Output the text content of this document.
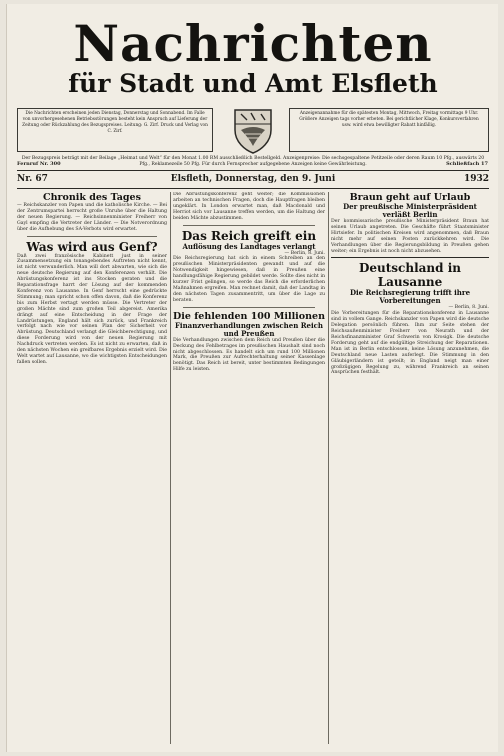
Nachrichten
für Stadt und Amt Elsfleth
Die Nachrichten erscheinen jeden Dienstag, Donnerstag und Sonnabend. Im Falle von unvorhergesehenen Betriebsstörungen besteht kein Anspruch auf Lieferung der Zeitung oder Rückzahlung des Bezugspreises. Leitung: G. Zirf. Druck und Verlag von C. Zirf.
Anzeigenannahme für die spätesten Montag, Mittwoch, Freitag vormittags 9 Uhr. Größere Anzeigen tags vorher erbeten. Bei gerichtlicher Klage, Konkursverfahren usw. wird etwa bewilligter Rabatt hinfällig.
Der Bezugspreis beträgt mit der Beilage „Heimat und Welt“ für den Monat 1.00 RM ausschließlich Bestellgeld. Anzeigenpreise: Die sechsgespaltene Petitzeile oder deren Raum 10 Pfg., auswärts 20 Pfg., Reklamezeile 50 Pfg. Für durch Fernsprecher aufgegebene Anzeigen keine Gewährleistung.
Fernruf Nr. 300	Schließfach 17
Nr. 67	Elsfleth, Donnerstag, den 9. Juni	1932
Chronik des Tages
— Reichskanzler von Papen und die katholische Kirche. — Bei der Zentrumspartei herrscht große Unruhe über die Haltung der neuen Regierung. — Reichsinnenminister Freiherr von Gayl empfing die Vertreter der Länder. — Die Notverordnung über die Aufhebung des SA-Verbots wird erwartet.
Was wird aus Genf?
Daß zwei französische Kabinett just in seiner Zusammensetzung ein tonangebendes Auftreten nicht kennt, ist nicht verwunderlich. Man will dort abwarten, wie sich die neue deutsche Regierung auf den Konferenzen verhält. Die Abrüstungskonferenz ist ins Stocken geraten und die Reparationsfrage harrt der Lösung auf der kommenden Konferenz von Lausanne. In Genf herrscht eine gedrückte Stimmung; man spricht schon offen davon, daß die Konferenz bis zum Herbst vertagt werden müsse. Die Vertreter der großen Mächte sind zum großen Teil abgereist. Amerika drängt auf eine Entscheidung in der Frage der Landrüstungen, England hält sich zurück, und Frankreich verfolgt nach wie vor seinen Plan der Sicherheit vor Abrüstung. Deutschland verlangt die Gleichberechtigung, und diese Forderung wird von der neuen Regierung mit Nachdruck vertreten werden. Es ist nicht zu erwarten, daß in den nächsten Wochen ein greifbares Ergebnis erzielt wird. Die Welt wartet auf Lausanne, wo die wichtigsten Entscheidungen fallen sollen.
Die Abrüstungskonferenz geht weiter; die Kommissionen arbeiten an technischen Fragen, doch die Hauptfragen bleiben ungeklärt. In London erwartet man, daß Macdonald und Herriot sich vor Lausanne treffen werden, um die Haltung der beiden Mächte abzustimmen.
Das Reich greift ein
Auflösung des Landtages verlangt
— Berlin, 8. Juni.
Die Reichsregierung hat sich in einem Schreiben an den preußischen Ministerpräsidenten gewandt und auf die Notwendigkeit hingewiesen, daß in Preußen eine handlungsfähige Regierung gebildet werde. Sollte dies nicht in kurzer Frist gelingen, so werde das Reich die erforderlichen Maßnahmen ergreifen. Man rechnet damit, daß der Landtag in den nächsten Tagen zusammentritt, um über die Lage zu beraten.
Die fehlenden 100 Millionen
Finanzverhandlungen zwischen Reich und Preußen
Die Verhandlungen zwischen dem Reich und Preußen über die Deckung des Fehlbetrages im preußischen Haushalt sind noch nicht abgeschlossen. Es handelt sich um rund 100 Millionen Mark, die Preußen zur Aufrechterhaltung seiner Kassenlage benötigt. Das Reich ist bereit, unter bestimmten Bedingungen Hilfe zu leisten.
Braun geht auf Urlaub
Der preußische Ministerpräsident verläßt Berlin
Der kommissarische preußische Ministerpräsident Braun hat seinen Urlaub angetreten. Die Geschäfte führt Staatsminister Hirtsiefer. In politischen Kreisen wird angenommen, daß Braun nicht mehr auf seinen Posten zurückkehren wird. Die Verhandlungen über die Regierungsbildung in Preußen gehen weiter; ein Ergebnis ist noch nicht abzusehen.
Deutschland in Lausanne
Die Reichsregierung trifft ihre Vorbereitungen
— Berlin, 8. Juni.
Die Vorbereitungen für die Reparationskonferenz in Lausanne sind in vollem Gange. Reichskanzler von Papen wird die deutsche Delegation persönlich führen. Ihm zur Seite stehen der Reichsaußenminister Freiherr von Neurath und der Reichsfinanzminister Graf Schwerin von Krosigk. Die deutsche Forderung geht auf die endgültige Streichung der Reparationen. Man ist in Berlin entschlossen, keine Lösung anzunehmen, die Deutschland neue Lasten auferlegt. Die Stimmung in den Gläubigerländern ist geteilt; in England neigt man einer großzügigen Regelung zu, während Frankreich an seinen Ansprüchen festhält.
